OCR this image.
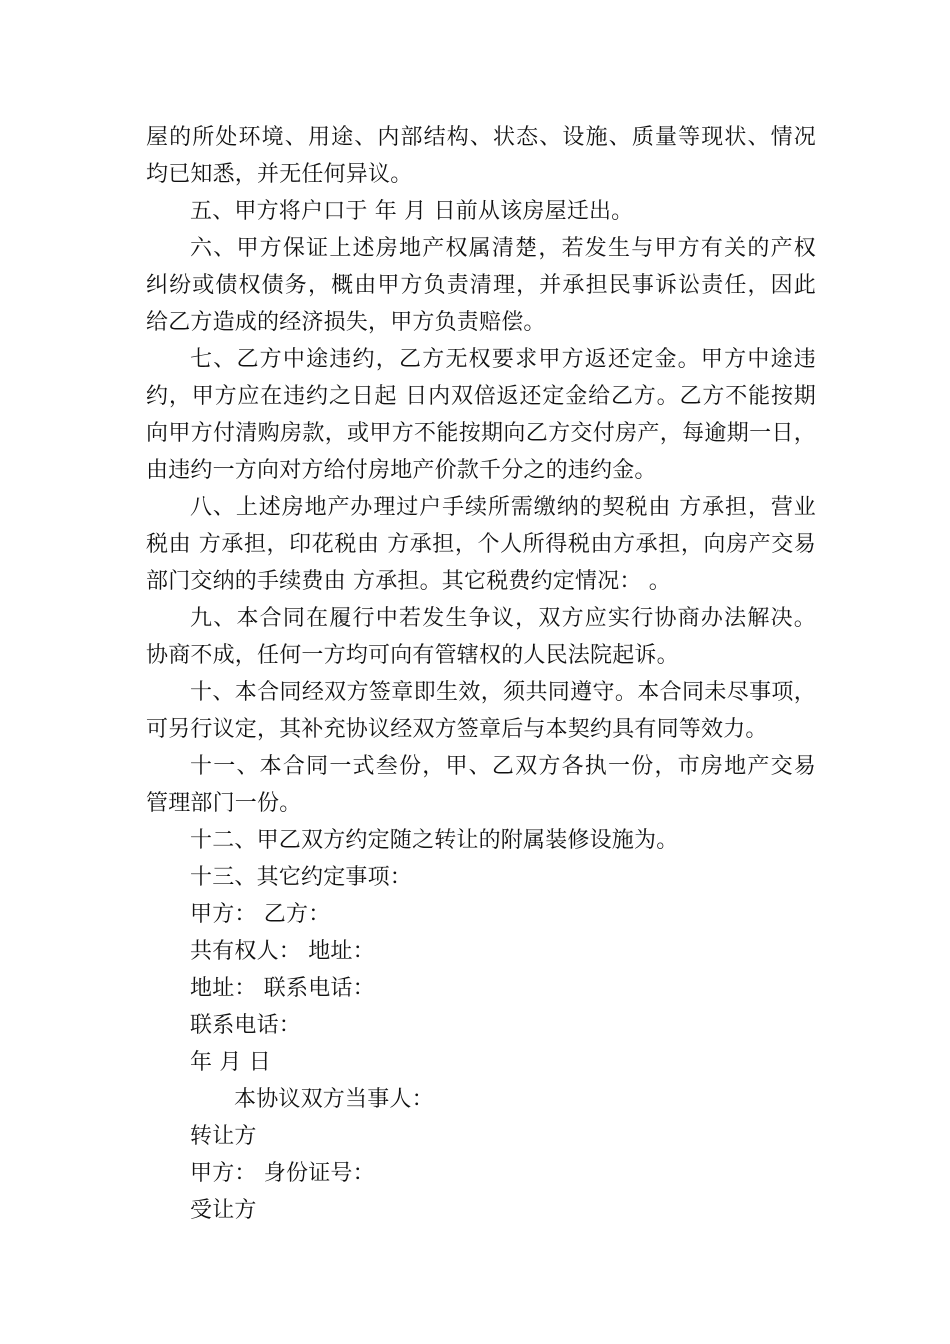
屋的所处环境、用途、内部结构、状态、设施、质量等现状、情况
均已知悉，并无任何异议。
五、甲方将户口于 年 月 日前从该房屋迁出。
六、甲方保证上述房地产权属清楚，若发生与甲方有关的产权
纠纷或债权债务，概由甲方负责清理，并承担民事诉讼责任，因此
给乙方造成的经济损失，甲方负责赔偿。
七、乙方中途违约，乙方无权要求甲方返还定金。甲方中途违
约，甲方应在违约之日起 日内双倍返还定金给乙方。乙方不能按期
向甲方付清购房款，或甲方不能按期向乙方交付房产，每逾期一日，
由违约一方向对方给付房地产价款千分之的违约金。
八、上述房地产办理过户手续所需缴纳的契税由 方承担，营业
税由 方承担，印花税由 方承担，个人所得税由方承担，向房产交易
部门交纳的手续费由 方承担。其它税费约定情况： 。
九、本合同在履行中若发生争议，双方应实行协商办法解决。
协商不成，任何一方均可向有管辖权的人民法院起诉。
十、本合同经双方签章即生效，须共同遵守。本合同未尽事项，
可另行议定，其补充协议经双方签章后与本契约具有同等效力。
十一、本合同一式叁份，甲、乙双方各执一份，市房地产交易
管理部门一份。
十二、甲乙双方约定随之转让的附属装修设施为。
十三、其它约定事项：
甲方： 乙方：
共有权人： 地址：
地址： 联系电话：
联系电话：
年 月 日
本协议双方当事人：
转让方
甲方： 身份证号：
受让方
